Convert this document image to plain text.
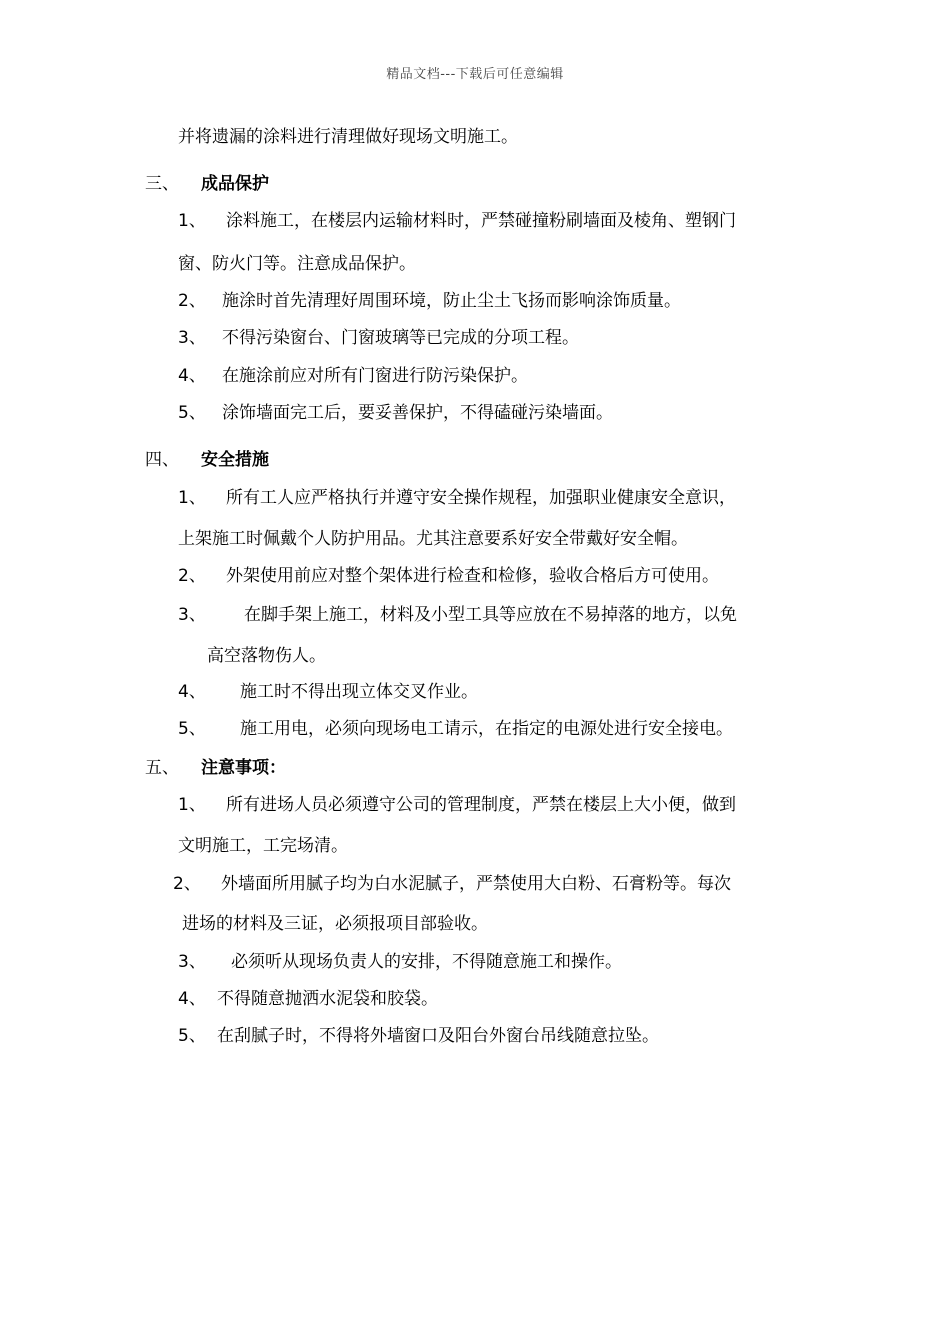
精品文档---下载后可任意编辑
并将遗漏的涂料进行清理做好现场文明施工。
三、 成品保护
1、 涂料施工，在楼层内运输材料时，严禁碰撞粉刷墙面及棱角、塑钢门
窗、防火门等。注意成品保护。
2、 施涂时首先清理好周围环境，防止尘土飞扬而影响涂饰质量。
3、 不得污染窗台、门窗玻璃等已完成的分项工程。
4、 在施涂前应对所有门窗进行防污染保护。
5、 涂饰墙面完工后，要妥善保护，不得磕碰污染墙面。
四、 安全措施
1、 所有工人应严格执行并遵守安全操作规程，加强职业健康安全意识，
上架施工时佩戴个人防护用品。尤其注意要系好安全带戴好安全帽。
2、 外架使用前应对整个架体进行检查和检修，验收合格后方可使用。
3、 在脚手架上施工，材料及小型工具等应放在不易掉落的地方，以免
高空落物伤人。
4、 施工时不得出现立体交叉作业。
5、 施工用电，必须向现场电工请示，在指定的电源处进行安全接电。
五、 注意事项：
1、 所有进场人员必须遵守公司的管理制度，严禁在楼层上大小便，做到
文明施工，工完场清。
2、 外墙面所用腻子均为白水泥腻子，严禁使用大白粉、石膏粉等。每次
进场的材料及三证，必须报项目部验收。
3、 必须听从现场负责人的安排，不得随意施工和操作。
4、 不得随意抛洒水泥袋和胶袋。
5、 在刮腻子时，不得将外墙窗口及阳台外窗台吊线随意拉坠。
